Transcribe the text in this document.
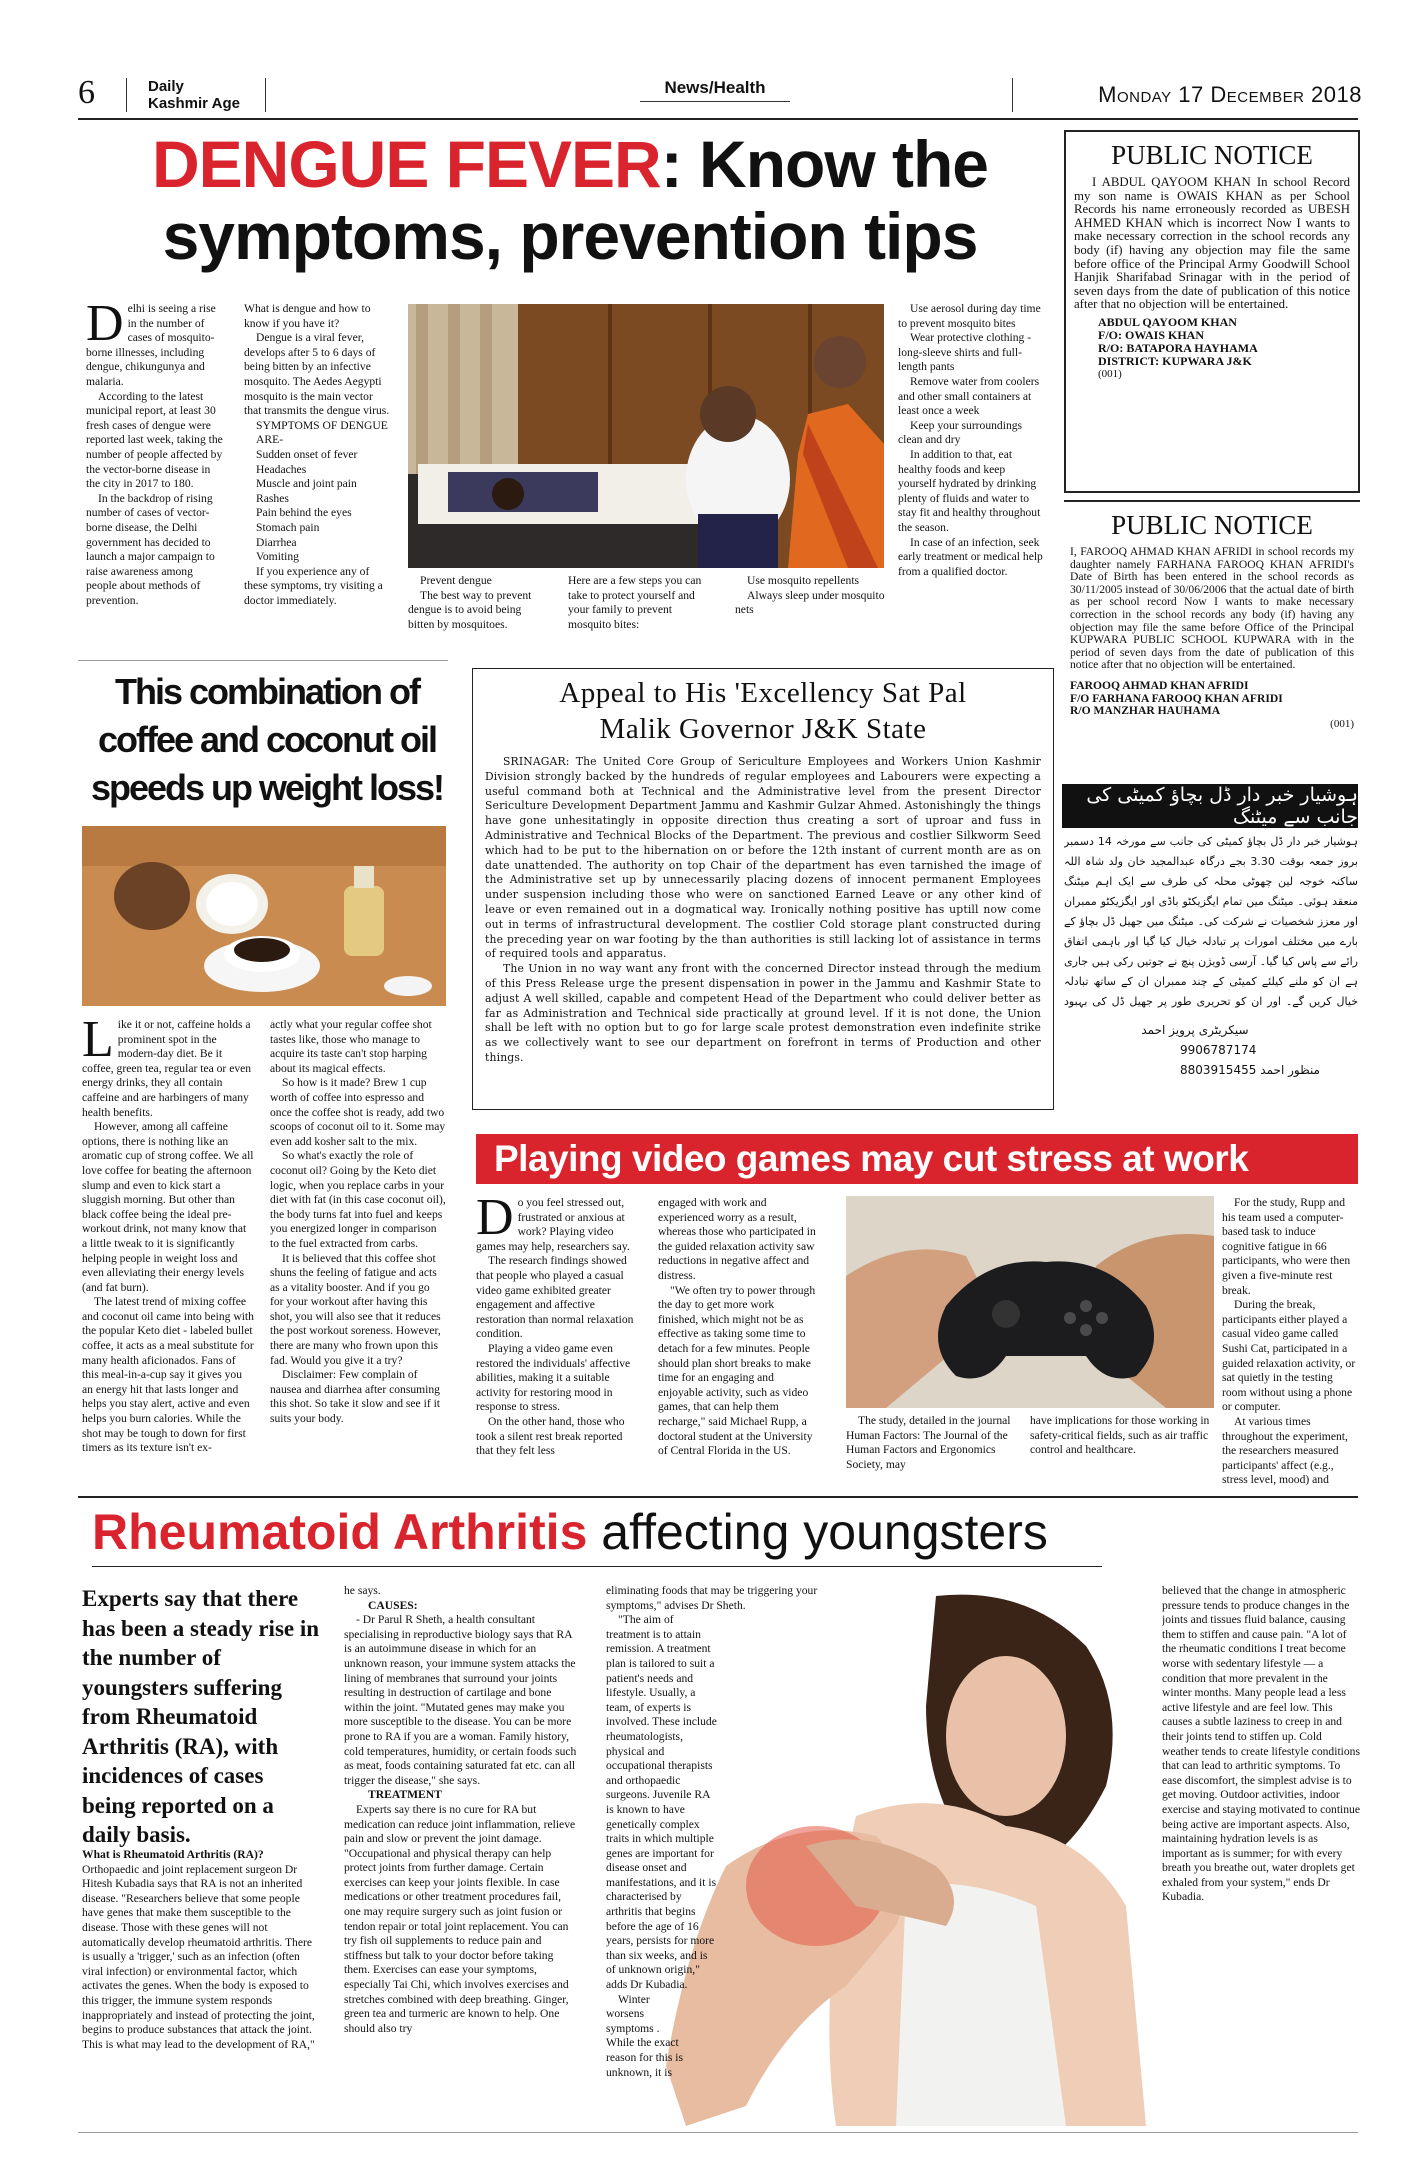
6	Daily
Kashmir Age
News/Health	Monday 17 December 2018
DENGUE FEVER: Know the
symptoms, prevention tips
D elhi is seeing a rise in the number of cases of mosquito-borne illnesses, including dengue, chikungunya and malaria.

According to the latest municipal report, at least 30 fresh cases of dengue were reported last week, taking the number of people affected by the vector-borne disease in the city in 2017 to 180.

In the backdrop of rising number of cases of vector-borne disease, the Delhi government has decided to launch a major campaign to raise awareness among people about methods of prevention.

What is dengue and how to know if you have it?

Dengue is a viral fever, develops after 5 to 6 days of being bitten by an infective mosquito. The Aedes Aegypti mosquito is the main vector that transmits the dengue virus.

SYMPTOMS OF DENGUE ARE-

Sudden onset of fever
Headaches
Muscle and joint pain
Rashes
Pain behind the eyes
Stomach pain
Diarrhea
Vomiting

If you experience any of these symptoms, try visiting a doctor immediately.

Prevent dengue

The best way to prevent dengue is to avoid being bitten by mosquitoes.

Here are a few steps you can take to protect yourself and your family to prevent mosquito bites:

Use mosquito repellents

Always sleep under mosquito nets

Use aerosol during day time to prevent mosquito bites

Wear protective clothing - long-sleeve shirts and full-length pants

Remove water from coolers and other small containers at least once a week

Keep your surroundings clean and dry

In addition to that, eat healthy foods and keep yourself hydrated by drinking plenty of fluids and water to stay fit and healthy throughout the season.

In case of an infection, seek early treatment or medical help from a qualified doctor.

PUBLIC NOTICE
I ABDUL QAYOOM KHAN In school Record my son name is OWAIS KHAN as per School Records his name erroneously recorded as UBESH AHMED KHAN which is incorrect Now I wants to make necessary correction in the school records any body (if) having any objection may file the same before office of the Principal Army Goodwill School Hanjik Sharifabad Srinagar with in the period of seven days from the date of publication of this notice after that no objection will be entertained.
ABDUL QAYOOM KHAN
F/O: OWAIS KHAN
R/O: BATAPORA HAYHAMA
DISTRICT: KUPWARA J&K
(001)
PUBLIC NOTICE
I, FAROOQ AHMAD KHAN AFRIDI in school records my daughter namely FARHANA FAROOQ KHAN AFRIDI's Date of Birth has been entered in the school records as 30/11/2005 instead of 30/06/2006 that the actual date of birth as per school record Now I wants to make necessary correction in the school records any body (if) having any objection may file the same before Office of the Principal KUPWARA PUBLIC SCHOOL KUPWARA with in the period of seven days from the date of publication of this notice after that no objection will be entertained.
FAROOQ AHMAD KHAN AFRIDI
F/O FARHANA FAROOQ KHAN AFRIDI
R/O MANZHAR HAUHAMA
(001)
ہوشیار خبر دار ڈل بچاؤ کمیٹی کی جانب سے میٹنگ
ہوشیار خبر دار ڈل بچاؤ کمیٹی کی جانب سے مورخہ 14 دسمبر بروز جمعہ بوقت 3.30 بجے درگاہ عبدالمجید خان ولد شاہ اللہ ساکنہ خوجہ لین چھوٹی محلہ کی طرف سے ایک اہم میٹنگ منعقد ہوئی۔ میٹنگ میں تمام ایگزیکٹو باڈی اور ایگزیکٹو ممبران اور معزز شخصیات نے شرکت کی۔ میٹنگ میں جھیل ڈل بچاؤ کے بارے میں مختلف امورات پر تبادلہ خیال کیا گیا اور باہمی اتفاق رائے سے پاس کیا گیا۔ آرسی ڈویژن پنچ نے جوتیں رکی ہیں جاری ہے ان کو ملنے کیلئے کمیٹی کے چند ممبران ان کے ساتھ تبادلہ خیال کریں گے۔ اور ان کو تحریری طور پر جھیل ڈل کی بہبود
سیکریٹری پرویز احمد
9906787174
8803915455 منظور احمد
This combination of coffee and coconut oil speeds up weight loss!
L ike it or not, caffeine holds a prominent spot in the modern-day diet. Be it coffee, green tea, regular tea or even energy drinks, they all contain caffeine and are harbingers of many health benefits.

However, among all caffeine options, there is nothing like an aromatic cup of strong coffee. We all love coffee for beating the afternoon slump and even to kick start a sluggish morning. But other than black coffee being the ideal pre-workout drink, not many know that a little tweak to it is significantly helping people in weight loss and even alleviating their energy levels (and fat burn).

The latest trend of mixing coffee and coconut oil came into being with the popular Keto diet - labeled bullet coffee, it acts as a meal substitute for many health aficionados. Fans of this meal-in-a-cup say it gives you an energy hit that lasts longer and helps you stay alert, active and even helps you burn calories. While the shot may be tough to down for first timers as its texture isn't ex-

actly what your regular coffee shot tastes like, those who manage to acquire its taste can't stop harping about its magical effects.

So how is it made? Brew 1 cup worth of coffee into espresso and once the coffee shot is ready, add two scoops of coconut oil to it. Some may even add kosher salt to the mix.

So what's exactly the role of coconut oil? Going by the Keto diet logic, when you replace carbs in your diet with fat (in this case coconut oil), the body turns fat into fuel and keeps you energized longer in comparison to the fuel extracted from carbs.

It is believed that this coffee shot shuns the feeling of fatigue and acts as a vitality booster. And if you go for your workout after having this shot, you will also see that it reduces the post workout soreness. However, there are many who frown upon this fad. Would you give it a try?

Disclaimer: Few complain of nausea and diarrhea after consuming this shot. So take it slow and see if it suits your body.

Appeal to His 'Excellency Sat Pal
Malik Governor J&K State
SRINAGAR: The United Core Group of Sericulture Employees and Workers Union Kashmir Division strongly backed by the hundreds of regular employees and Labourers were expecting a useful command both at Technical and the Administrative level from the present Director Sericulture Development Department Jammu and Kashmir Gulzar Ahmed. Astonishingly the things have gone unhesitatingly in opposite direction thus creating a sort of uproar and fuss in Administrative and Technical Blocks of the Department. The previous and costlier Silkworm Seed which had to be put to the hibernation on or before the 12th instant of current month are as on date unattended. The authority on top Chair of the department has even tarnished the image of the Administrative set up by unnecessarily placing dozens of innocent permanent Employees under suspension including those who were on sanctioned Earned Leave or any other kind of leave or even remained out in a dogmatical way. Ironically nothing positive has uptill now come out in terms of infrastructural development. The costlier Cold storage plant constructed during the preceding year on war footing by the than authorities is still lacking lot of assistance in terms of required tools and apparatus.
The Union in no way want any front with the concerned Director instead through the medium of this Press Release urge the present dispensation in power in the Jammu and Kashmir State to adjust A well skilled, capable and competent Head of the Department who could deliver better as far as Administration and Technical side practically at ground level. If it is not done, the Union shall be left with no option but to go for large scale protest demonstration even indefinite strike as we collectively want to see our department on forefront in terms of Production and other things.
Playing video games may cut stress at work
D o you feel stressed out, frustrated or anxious at work? Playing video games may help, researchers say.

The research findings showed that people who played a casual video game exhibited greater engagement and affective restoration than normal relaxation condition.

Playing a video game even restored the individuals' affective abilities, making it a suitable activity for restoring mood in response to stress.

On the other hand, those who took a silent rest break reported that they felt less

engaged with work and experienced worry as a result, whereas those who participated in the guided relaxation activity saw reductions in negative affect and distress.

"We often try to power through the day to get more work finished, which might not be as effective as taking some time to detach for a few minutes. People should plan short breaks to make time for an engaging and enjoyable activity, such as video games, that can help them recharge," said Michael Rupp, a doctoral student at the University of Central Florida in the US.

The study, detailed in the journal Human Factors: The Journal of the Human Factors and Ergonomics Society, may

have implications for those working in safety-critical fields, such as air traffic control and healthcare.

For the study, Rupp and his team used a computer-based task to induce cognitive fatigue in 66 participants, who were then given a five-minute rest break.

During the break, participants either played a casual video game called Sushi Cat, participated in a guided relaxation activity, or sat quietly in the testing room without using a phone or computer.

At various times throughout the experiment, the researchers measured participants' affect (e.g., stress level, mood) and

Rheumatoid Arthritis affecting youngsters
Experts say that there has been a steady rise in the number of youngsters suffering from Rheumatoid Arthritis (RA), with incidences of cases being reported on a daily basis.

What is Rheumatoid Arthritis (RA)?

Orthopaedic and joint replacement surgeon Dr Hitesh Kubadia says that RA is not an inherited disease. "Researchers believe that some people have genes that make them susceptible to the disease. Those with these genes will not automatically develop rheumatoid arthritis. There is usually a 'trigger,' such as an infection (often viral infection) or environmental factor, which activates the genes. When the body is exposed to this trigger, the immune system responds inappropriately and instead of protecting the joint, begins to produce substances that attack the joint. This is what may lead to the development of RA,"

he says.

CAUSES:

- Dr Parul R Sheth, a health consultant specialising in reproductive biology says that RA is an autoimmune disease in which for an unknown reason, your immune system attacks the lining of membranes that surround your joints resulting in destruction of cartilage and bone within the joint. "Mutated genes may make you more susceptible to the disease. You can be more prone to RA if you are a woman. Family history, cold temperatures, humidity, or certain foods such as meat, foods containing saturated fat etc. can all trigger the disease," she says.

TREATMENT

Experts say there is no cure for RA but medication can reduce joint inflammation, relieve pain and slow or prevent the joint damage. "Occupational and physical therapy can help protect joints from further damage. Certain exercises can keep your joints flexible. In case medications or other treatment procedures fail, one may require surgery such as joint fusion or tendon repair or total joint replacement. You can try fish oil supplements to reduce pain and stiffness but talk to your doctor before taking them. Exercises can ease your symptoms, especially Tai Chi, which involves exercises and stretches combined with deep breathing. Ginger, green tea and turmeric are known to help. One should also try

eliminating foods that may be triggering your symptoms," advises Dr Sheth.

"The aim of treatment is to attain remission. A treatment plan is tailored to suit a patient's needs and lifestyle. Usually, a team, of experts is involved. These include rheumatologists, physical and occupational therapists and orthopaedic surgeons. Juvenile RA is known to have genetically complex traits in which multiple genes are important for disease onset and manifestations, and it is characterised by arthritis that begins before the age of 16 years, persists for more than six weeks, and is of unknown origin," adds Dr Kubadia.

Winter worsens symptoms . While the exact reason for this is unknown, it is

believed that the change in atmospheric pressure tends to produce changes in the joints and tissues fluid balance, causing them to stiffen and cause pain. "A lot of the rheumatic conditions I treat become worse with sedentary lifestyle — a condition that more prevalent in the winter months. Many people lead a less active lifestyle and are feel low. This causes a subtle laziness to creep in and their joints tend to stiffen up. Cold weather tends to create lifestyle conditions that can lead to arthritic symptoms. To ease discomfort, the simplest advise is to get moving. Outdoor activities, indoor exercise and staying motivated to continue being active are important aspects. Also, maintaining hydration levels is as important as is summer; for with every breath you breathe out, water droplets get exhaled from your system," ends Dr Kubadia.
